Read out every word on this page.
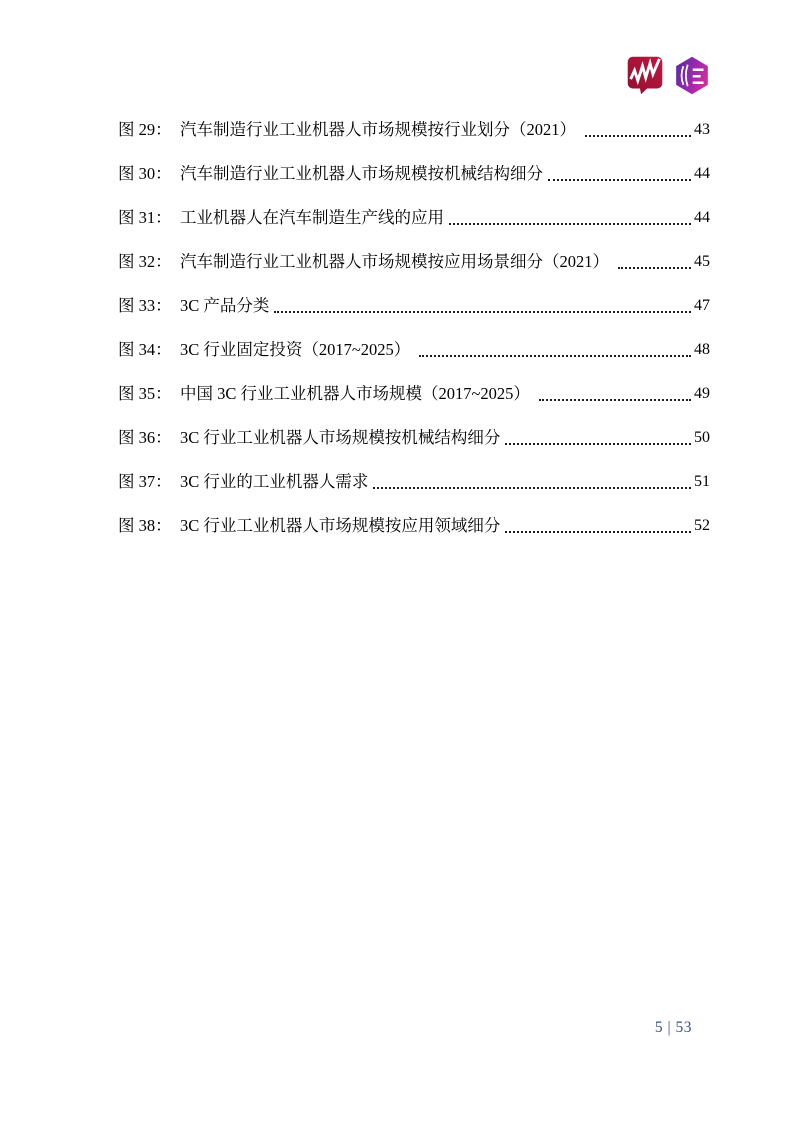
图 29： 汽车制造行业工业机器人市场规模按行业划分（2021）	43
图 30： 汽车制造行业工业机器人市场规模按机械结构细分	44
图 31： 工业机器人在汽车制造生产线的应用	44
图 32： 汽车制造行业工业机器人市场规模按应用场景细分（2021）	45
图 33： 3C 产品分类	47
图 34： 3C 行业固定投资（2017~2025）	48
图 35： 中国 3C 行业工业机器人市场规模（2017~2025）	49
图 36： 3C 行业工业机器人市场规模按机械结构细分	50
图 37： 3C 行业的工业机器人需求	51
图 38： 3C 行业工业机器人市场规模按应用领域细分	52
5 | 53
